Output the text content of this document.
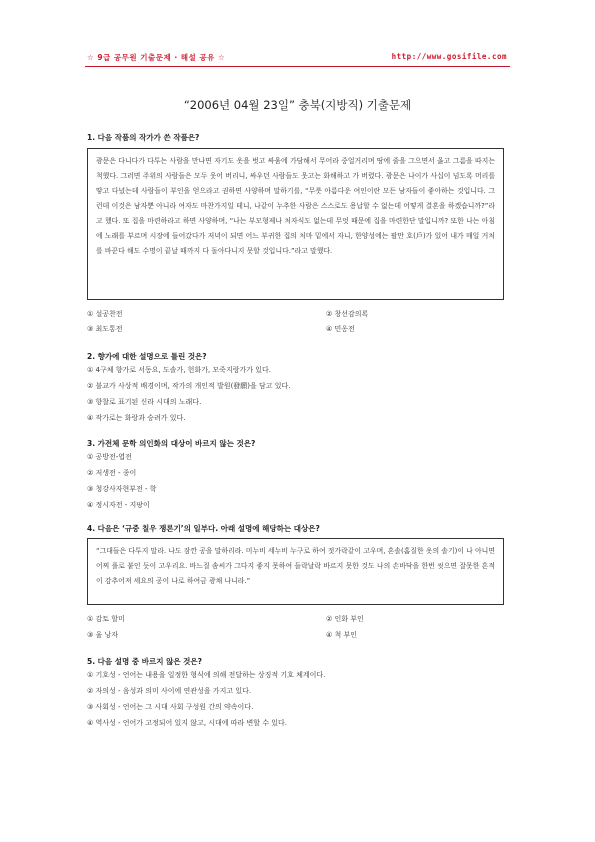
☆ 9급 공무원 기출문제 · 해설 공유 ☆	http://www.gosifile.com
“2006년 04월 23일” 충북(지방직) 기출문제
1. 다음 작품의 작가가 쓴 작품은?
광문은 다니다가 다투는 사람을 만나면 자기도 옷을 벗고 싸움에 가담해서 무어라 중얼거리며 땅에 줄을 그으면서 옳고 그름을 따지는 척했다. 그러면 주위의 사람들은 모두 웃어 버리니, 싸우던 사람들도 웃고는 화해하고 가 버렸다. 광문은 나이가 사십이 넘도록 머리를 땋고 다녔는데 사람들이 부인을 얻으라고 권하면 사양하며 말하기를, “무릇 아름다운 여인이란 모든 남자들이 좋아하는 것입니다. 그런데 이것은 남자뿐 아니라 여자도 마찬가지일 테니, 나같이 누추한 사람은 스스로도 용납할 수 없는데 어떻게 결혼을 하겠습니까?”라고 했다. 또 집을 마련하라고 하면 사양하며, “나는 부모형제나 처자식도 없는데 무엇 때문에 집을 마련한단 말입니까? 또한 나는 아침에 노래를 부르며 시장에 들어갔다가 저녁이 되면 어느 부귀한 집의 처마 밑에서 자니, 한양성에는 팔만 호(戶)가 있어 내가 매일 거처를 바꾼다 해도 수명이 끝날 때까지 다 돌아다니지 못할 것입니다.”라고 말했다.
① 설공찬전	② 창선감의록
③ 최도통전	④ 민옹전
2. 향가에 대한 설명으로 틀린 것은?
① 4구체 향가로 서동요, 도솔가, 헌화가, 모죽지랑가가 있다.
② 불교가 사상적 배경이며, 작가의 개인적 발원(發願)을 담고 있다.
③ 향찰로 표기된 신라 시대의 노래다.
④ 작가로는 화랑과 승려가 있다.
3. 가전체 문학 의인화의 대상이 바르지 않는 것은?
① 공방전-엽전
② 저생전 - 종이
③ 청강사자현부전 - 학
④ 정시자전 - 지팡이
4. 다음은 ‘규중 칠우 쟁론기’의 일부다. 아래 설명에 해당하는 대상은?
“그대들은 다투지 말라. 나도 잠깐 공을 말하리라. 미누비 세누비 누구로 하여 젓가락같이 고우며, 혼솔(홈질한 옷의 솔기)이 나 아니면 어찌 풀로 붙인 듯이 고우리요. 바느질 솜씨가 그다지 좋지 못하여 들락날락 바르지 못한 것도 나의 손바닥을 한번 씻으면 잘못한 흔적이 감추어져 세요의 공이 나로 하여금 광채 나니라.”
① 감토 할미	② 인화 부인
③ 울 낭자	④ 척 부인
5. 다음 설명 중 바르지 않은 것은?
① 기호성 - 언어는 내용을 일정한 형식에 의해 전달하는 상징적 기호 체계이다.
② 자의성 - 음성과 의미 사이에 연관성을 가지고 있다.
③ 사회성 - 언어는 그 시대 사회 구성원 간의 약속이다.
④ 역사성 - 언어가 고정되어 있지 않고, 시대에 따라 변할 수 있다.
